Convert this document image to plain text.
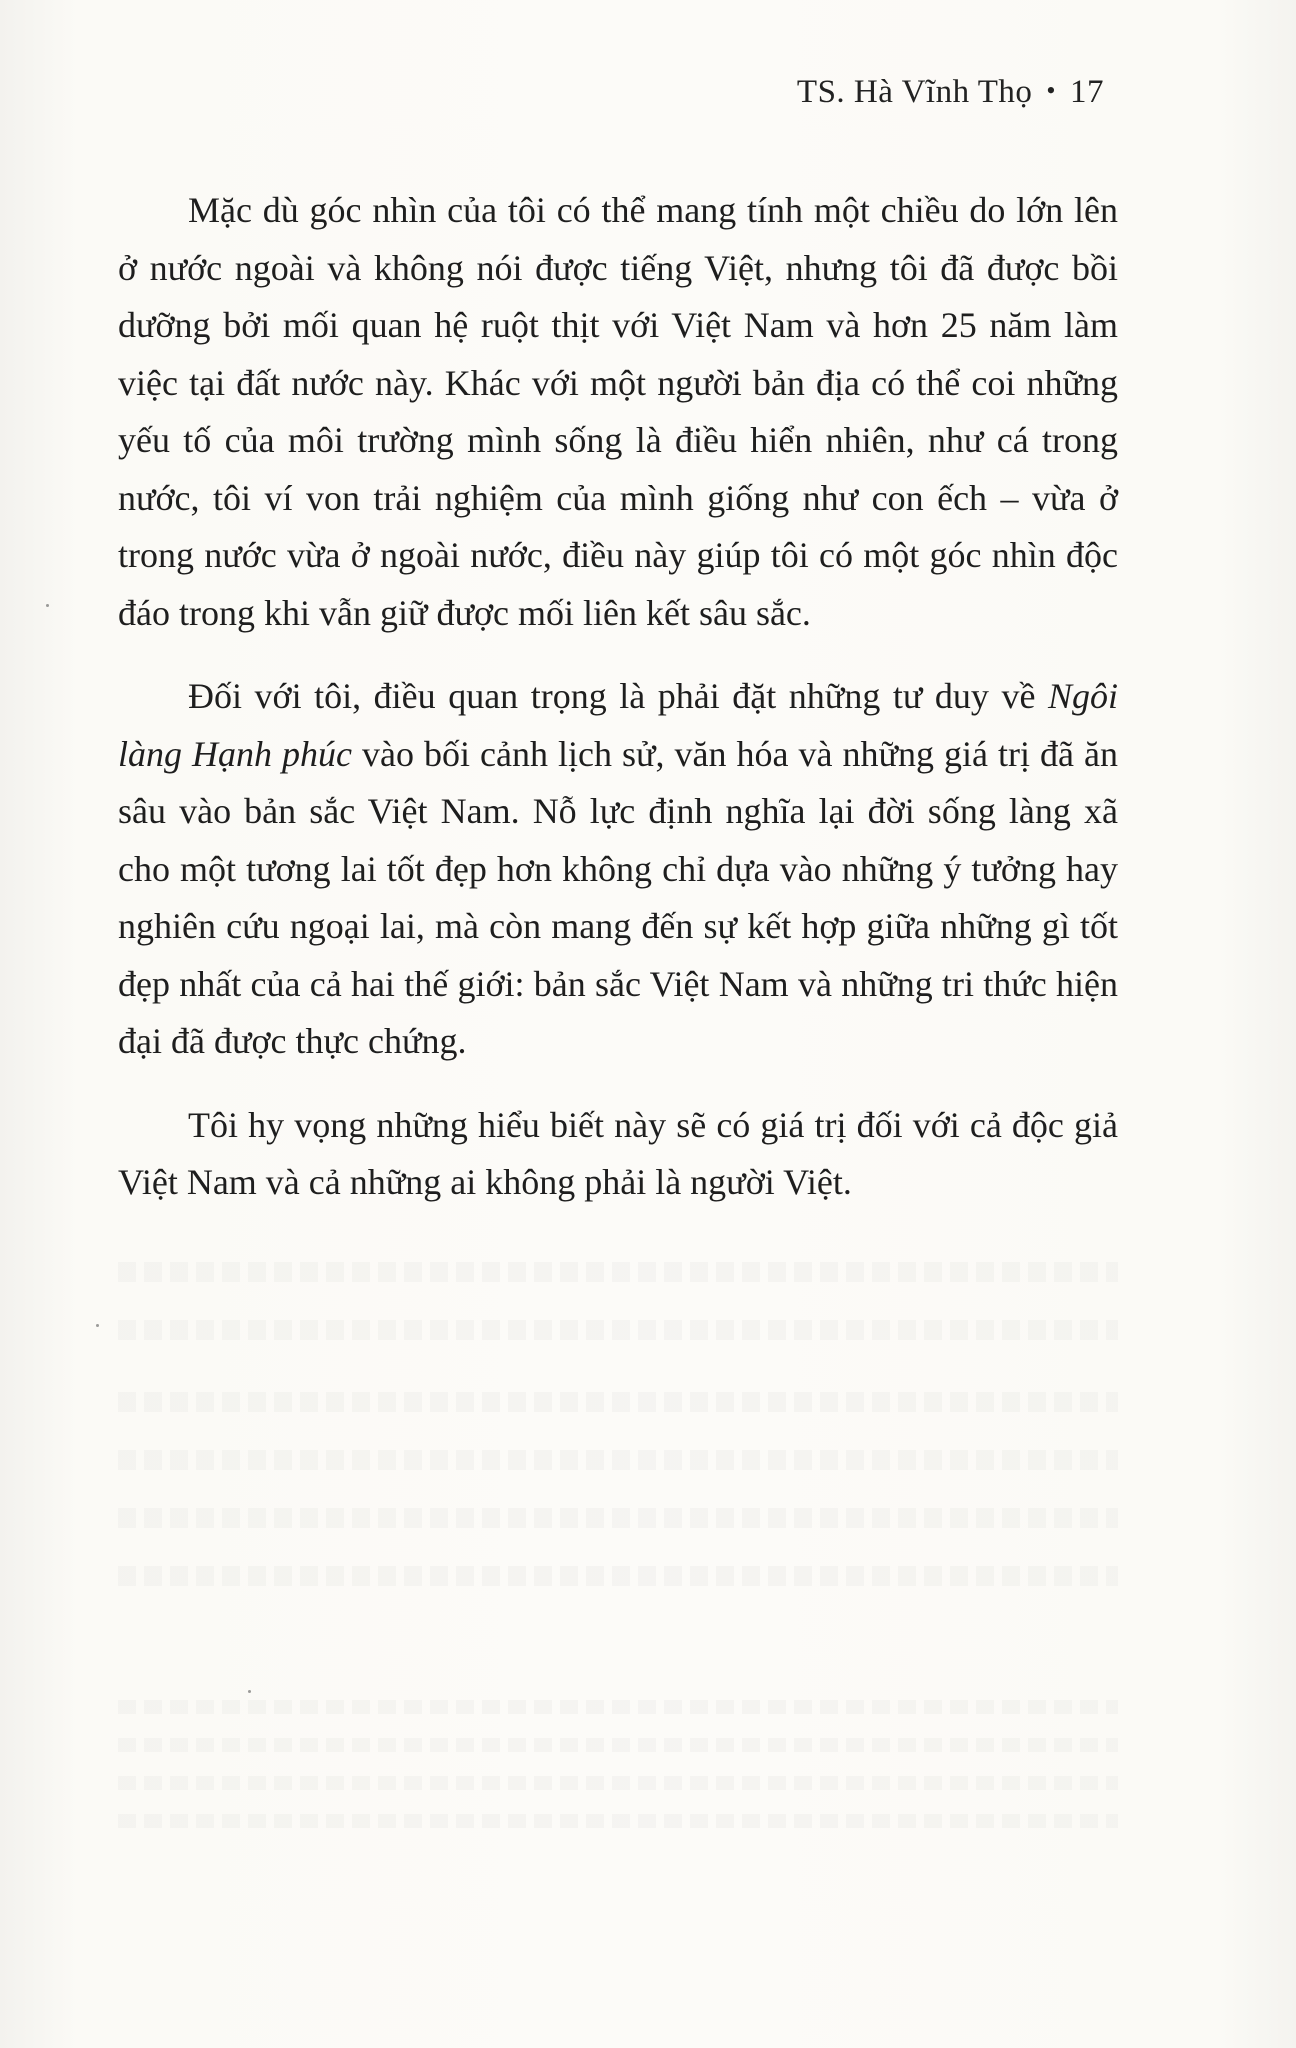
TS. Hà Vĩnh Thọ • 17

Mặc dù góc nhìn của tôi có thể mang tính một chiều do lớn lên ở nước ngoài và không nói được tiếng Việt, nhưng tôi đã được bồi dưỡng bởi mối quan hệ ruột thịt với Việt Nam và hơn 25 năm làm việc tại đất nước này. Khác với một người bản địa có thể coi những yếu tố của môi trường mình sống là điều hiển nhiên, như cá trong nước, tôi ví von trải nghiệm của mình giống như con ếch – vừa ở trong nước vừa ở ngoài nước, điều này giúp tôi có một góc nhìn độc đáo trong khi vẫn giữ được mối liên kết sâu sắc.

Đối với tôi, điều quan trọng là phải đặt những tư duy về Ngôi làng Hạnh phúc vào bối cảnh lịch sử, văn hóa và những giá trị đã ăn sâu vào bản sắc Việt Nam. Nỗ lực định nghĩa lại đời sống làng xã cho một tương lai tốt đẹp hơn không chỉ dựa vào những ý tưởng hay nghiên cứu ngoại lai, mà còn mang đến sự kết hợp giữa những gì tốt đẹp nhất của cả hai thế giới: bản sắc Việt Nam và những tri thức hiện đại đã được thực chứng.

Tôi hy vọng những hiểu biết này sẽ có giá trị đối với cả độc giả Việt Nam và cả những ai không phải là người Việt.
